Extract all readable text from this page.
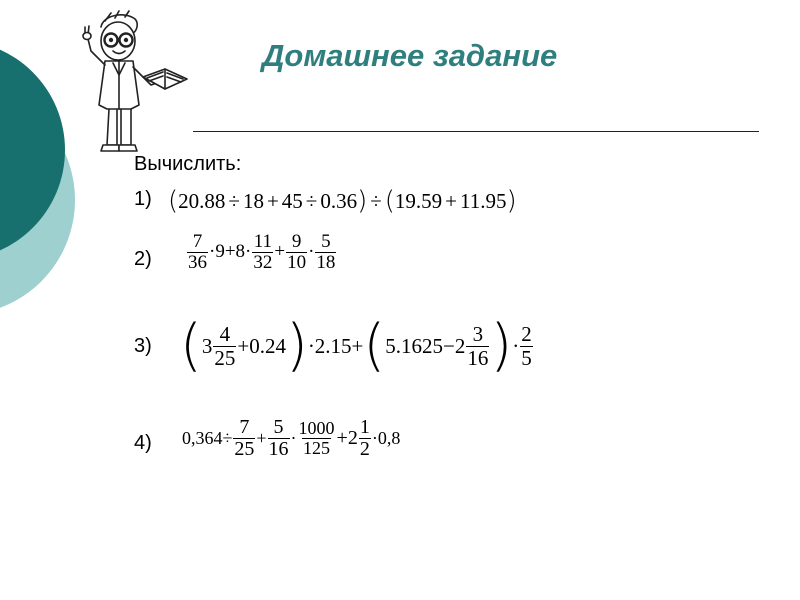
Домашнее задание
Вычислить:
1) ( 20.88 ÷ 18 + 45 ÷ 0.36 ) ÷ ( 19.59 + 11.95 )
$2) \frac{7}{36} \cdot 9+8\cdot \frac{11}{32} + \frac{9}{10} \cdot \frac{5}{18}$
3) ( $3 \frac{4}{25} +0.24$ ) ·2.15+ ( $5.1625-2 \frac{3}{16}$ ) · $\frac{2}{5}$
4) $0,364\div \frac{7}{25} + \frac{5}{16} \cdot \frac{1000}{125} +2 \frac{1}{2} \cdot 0,8$
